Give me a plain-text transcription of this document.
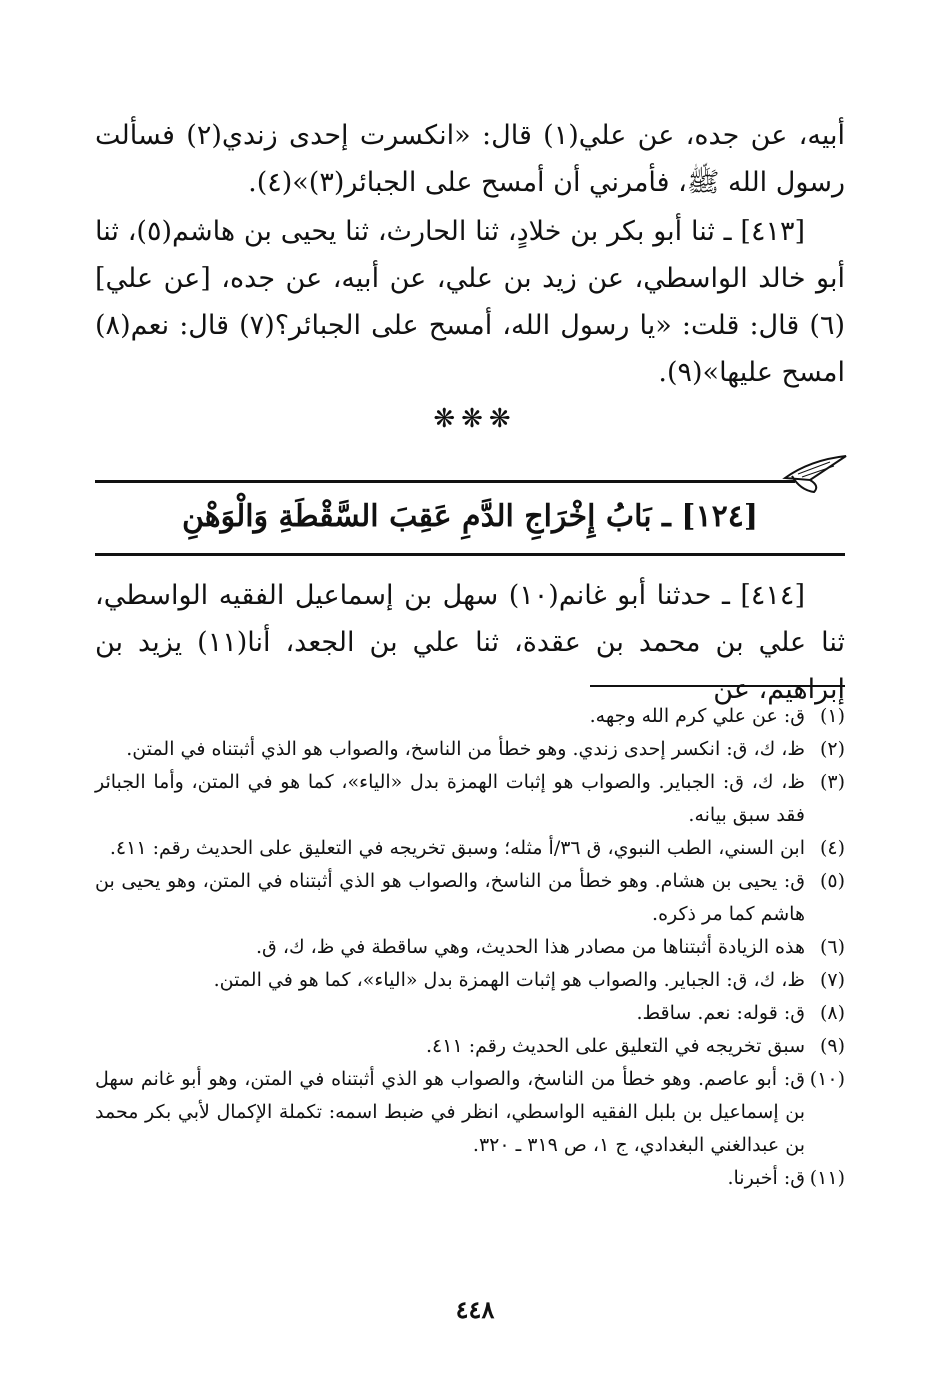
أبيه، عن جده، عن علي(١) قال: «انكسرت إحدى زندي(٢) فسألت رسول الله ﷺ، فأمرني أن أمسح على الجبائر(٣)»(٤).
[٤١٣] ـ ثنا أبو بكر بن خلادٍ، ثنا الحارث، ثنا يحيى بن هاشم(٥)، ثنا أبو خالد الواسطي، عن زيد بن علي، عن أبيه، عن جده، [عن علي](٦) قال: قلت: «يا رسول الله، أمسح على الجبائر؟(٧) قال: نعم(٨) امسح عليها»(٩).
❋❋❋
[١٢٤] ـ بَابُ إِخْرَاجِ الدَّمِ عَقِبَ السَّقْطَةِ وَالْوَهْنِ
[٤١٤] ـ حدثنا أبو غانم(١٠) سهل بن إسماعيل الفقيه الواسطي، ثنا علي بن محمد بن عقدة، ثنا علي بن الجعد، أنا(١١) يزيد بن إبراهيم، عن
(١)
ق: عن علي كرم الله وجهه.
(٢)
ظ، ك، ق: انكسر إحدى زندي. وهو خطأ من الناسخ، والصواب هو الذي أثبتناه في المتن.
(٣)
ظ، ك، ق: الجباير. والصواب هو إثبات الهمزة بدل «الياء»، كما هو في المتن، وأما الجبائر فقد سبق بيانه.
(٤)
ابن السني، الطب النبوي، ق ٣٦/أ مثله؛ وسبق تخريجه في التعليق على الحديث رقم: ٤١١.
(٥)
ق: يحيى بن هشام. وهو خطأ من الناسخ، والصواب هو الذي أثبتناه في المتن، وهو يحيى بن هاشم كما مر ذكره.
(٦)
هذه الزيادة أثبتناها من مصادر هذا الحديث، وهي ساقطة في ظ، ك، ق.
(٧)
ظ، ك، ق: الجباير. والصواب هو إثبات الهمزة بدل «الياء»، كما هو في المتن.
(٨)
ق: قوله: نعم. ساقط.
(٩)
سبق تخريجه في التعليق على الحديث رقم: ٤١١.
(١٠)
ق: أبو عاصم. وهو خطأ من الناسخ، والصواب هو الذي أثبتناه في المتن، وهو أبو غانم سهل بن إسماعيل بن بلبل الفقيه الواسطي، انظر في ضبط اسمه: تكملة الإكمال لأبي بكر محمد بن عبدالغني البغدادي، ج ١، ص ٣١٩ ـ ٣٢٠.
(١١)
ق: أخبرنا.
٤٤٨
